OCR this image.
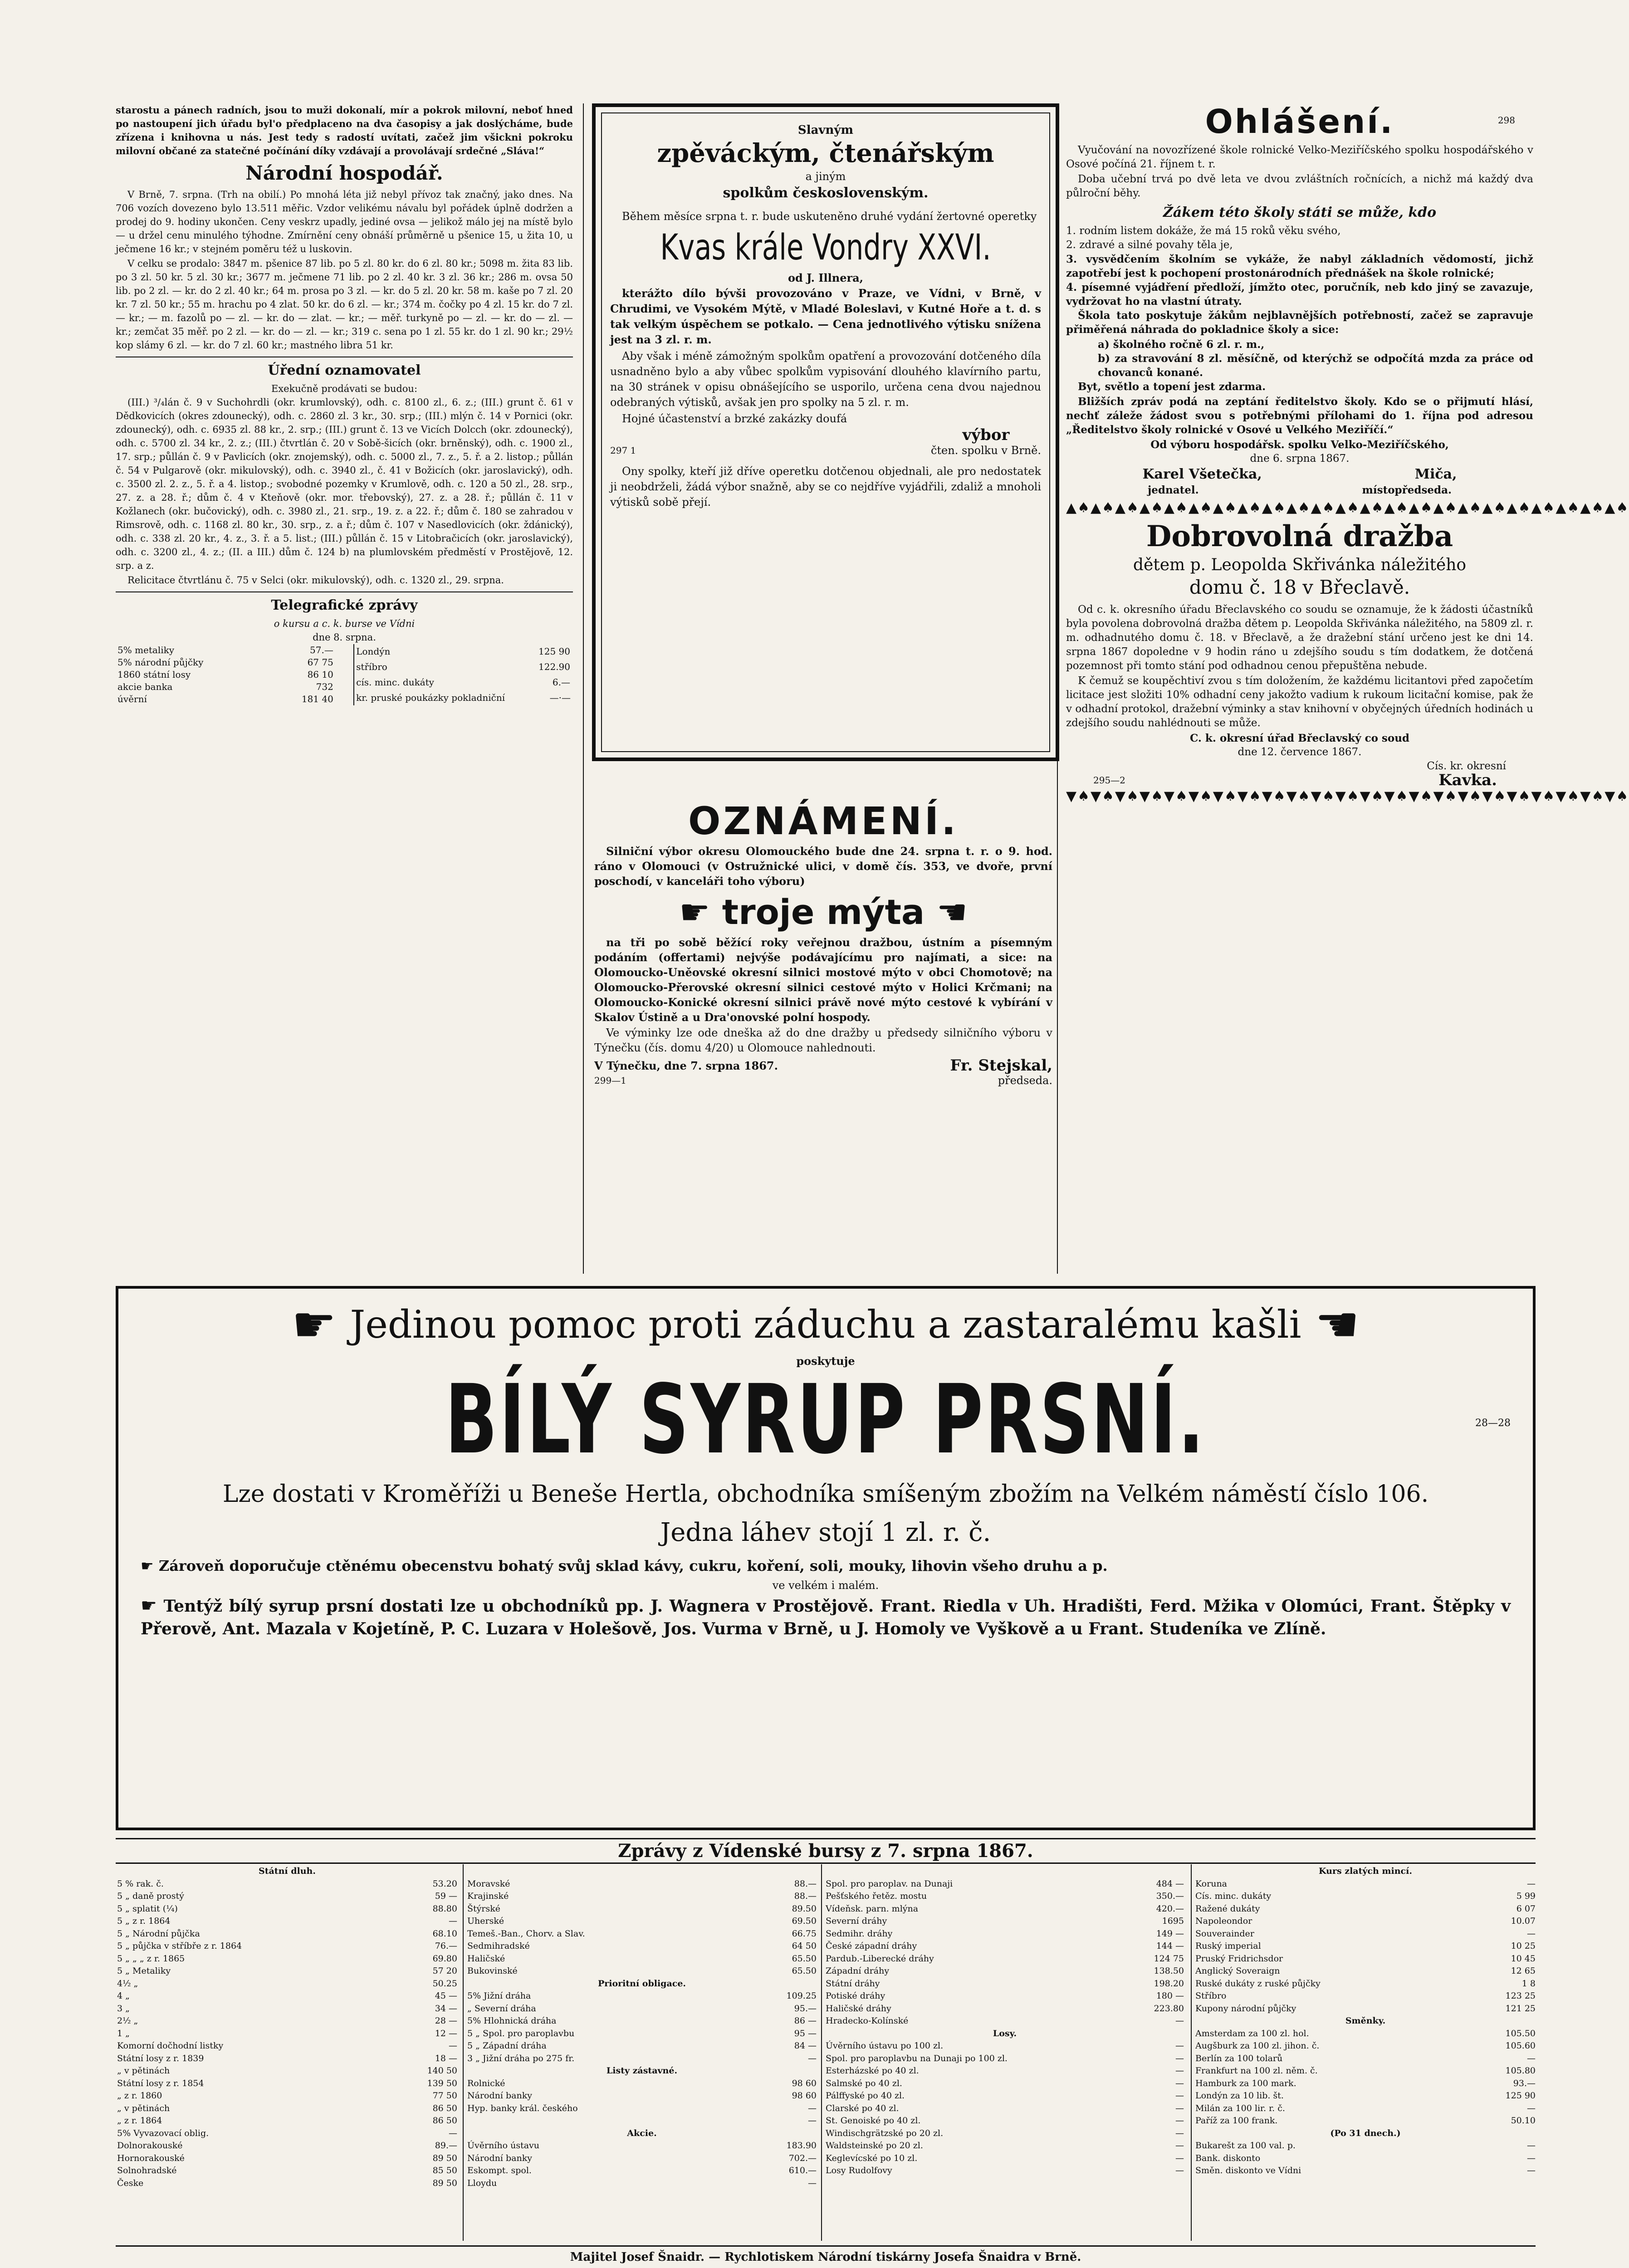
starostu a pánech radních, jsou to muži dokonalí, mír a pokrok milovní, neboť hned po nastoupení jich úřadu byl'o předplaceno na dva časopisy a jak doslýcháme, bude zřízena i knihovna u nás. Jest tedy s radostí uvítati, začež jim všickni pokroku milovní občané za statečné počínání díky vzdávají a provolávají srdečné „Sláva!“

Národní hospodář.

V Brně, 7. srpna. (Trh na obilí.) Po mnohá léta již nebyl přívoz tak značný, jako dnes. Na 706 vozích dovezeno bylo 13.511 měřic. Vzdor velikému návalu byl pořádek úplně dodržen a prodej do 9. hodiny ukončen. Ceny veskrz upadly, jediné ovsa — jelikož málo jej na místě bylo — u držel cenu minulého týhodne. Zmírnění ceny obnáší průměrně u pšenice 15, u žita 10, u ječmene 16 kr.; v stejném poměru též u luskovin.

V celku se prodalo: 3847 m. pšenice 87 lib. po 5 zl. 80 kr. do 6 zl. 80 kr.; 5098 m. žita 83 lib. po 3 zl. 50 kr. 5 zl. 30 kr.; 3677 m. ječmene 71 lib. po 2 zl. 40 kr. 3 zl. 36 kr.; 286 m. ovsa 50 lib. po 2 zl. — kr. do 2 zl. 40 kr.; 64 m. prosa po 3 zl. — kr. do 5 zl. 20 kr. 58 m. kaše po 7 zl. 20 kr. 7 zl. 50 kr.; 55 m. hrachu po 4 zlat. 50 kr. do 6 zl. — kr.; 374 m. čočky po 4 zl. 15 kr. do 7 zl. — kr.; — m. fazolů po — zl. — kr. do — zlat. — kr.; — měř. turkyně po — zl. — kr. do — zl. — kr.; zemčat 35 měř. po 2 zl. — kr. do — zl. — kr.; 319 c. sena po 1 zl. 55 kr. do 1 zl. 90 kr.; 29½ kop slámy 6 zl. — kr. do 7 zl. 60 kr.; mastného libra 51 kr.

Úřední oznamovatel
Exekučně prodávati se budou:

(III.) ³/₄lán č. 9 v Suchohrdli (okr. krumlovský), odh. c. 8100 zl., 6. z.; (III.) grunt č. 61 v Dědkovicích (okres zdounecký), odh. c. 2860 zl. 3 kr., 30. srp.; (III.) mlýn č. 14 v Pornici (okr. zdounecký), odh. c. 6935 zl. 88 kr., 2. srp.; (III.) grunt č. 13 ve Vicích Dolcch (okr. zdounecký), odh. c. 5700 zl. 34 kr., 2. z.; (III.) čtvrtlán č. 20 v Sobě-šicích (okr. brněnský), odh. c. 1900 zl., 17. srp.; půllán č. 9 v Pavlicích (okr. znojemský), odh. c. 5000 zl., 7. z., 5. ř. a 2. listop.; půllán č. 54 v Pulgarově (okr. mikulovský), odh. c. 3940 zl., č. 41 v Božicích (okr. jaroslavický), odh. c. 3500 zl. 2. z., 5. ř. a 4. listop.; svobodné pozemky v Krumlově, odh. c. 120 a 50 zl., 28. srp., 27. z. a 28. ř.; dům č. 4 v Kteňově (okr. mor. třebovský), 27. z. a 28. ř.; půllán č. 11 v Kožlanech (okr. bučovický), odh. c. 3980 zl., 21. srp., 19. z. a 22. ř.; dům č. 180 se zahradou v Rimsrově, odh. c. 1168 zl. 80 kr., 30. srp., z. a ř.; dům č. 107 v Nasedlovicích (okr. ždánický), odh. c. 338 zl. 20 kr., 4. z., 3. ř. a 5. list.; (III.) půllán č. 15 v Litobračicích (okr. jaroslavický), odh. c. 3200 zl., 4. z.; (II. a III.) dům č. 124 b) na plumlovském předměstí v Prostějově, 12. srp. a z.

Relicitace čtvrtlánu č. 75 v Selci (okr. mikulovský), odh. c. 1320 zl., 29. srpna.

Telegrafické zprávy
o kursu a c. k. burse ve Vídni
dne 8. srpna.
5% metaliky	57.—
5% národní půjčky	67 75
1860 státní losy	86 10
akcie banka	732
úvěrní	181 40
Londýn	125 90
stříbro	122.90
cís. minc. dukáty	6.—
kr. pruské poukázky pokladniční	—·—
Slavným
zpěváckým, čtenářským
a jiným
spolkům československým.

Během měsíce srpna t. r. bude uskuteněno druhé vydání žertovné operetky

Kvas krále Vondry XXVI.
od J. Illnera,

kterážto dílo bývši provozováno v Praze, ve Vídni, v Brně, v Chrudimi, ve Vysokém Mýtě, v Mladé Boleslavi, v Kutné Hoře a t. d. s tak velkým úspěchem se potkalo. — Cena jednotlivého výtisku snížena jest na 3 zl. r. m.

Aby však i méně zámožným spolkům opatření a provozování dotčeného díla usnadněno bylo a aby vůbec spolkům vypisování dlouhého klavírního partu, na 30 stránek v opisu obnášejícího se usporilo, určena cena dvou najednou odebraných výtisků, avšak jen pro spolky na 5 zl. r. m.

Hojné účastenství a brzké zakázky doufá

297 1
výbor
čten. spolku v Brně.

Ony spolky, kteří již dříve operetku dotčenou objednali, ale pro nedostatek ji neobdrželi, žádá výbor snažně, aby se co nejdříve vyjádřili, zdaliž a mnoholi výtisků sobě přejí.

OZNÁMENÍ.

Silniční výbor okresu Olomouckého bude dne 24. srpna t. r. o 9. hod. ráno v Olomouci (v Ostružnické ulici, v domě čís. 353, ve dvoře, první poschodí, v kanceláři toho výboru)

☛ troje mýta ☚

na tři po sobě běžící roky veřejnou dražbou, ústním a písemným podáním (offertami) nejvýše podávajícímu pro najímati, a sice: na Olomoucko-Uněovské okresní silnici mostové mýto v obci Chomotově; na Olomoucko-Přerovské okresní silnici cestové mýto v Holici Krčmani; na Olomoucko-Konické okresní silnici právě nové mýto cestové k vybírání v Skalov Ústině a u Dra'onovské polní hospody.

Ve výminky lze ode dneška až do dne dražby u předsedy silničního výboru v Týnečku (čís. domu 4/20) u Olomouce nahlednouti.

V Týnečku, dne 7. srpna 1867.	Fr. Stejskal,
299—1	předseda.
Ohlášení.	298

Vyučování na novozřízené škole rolnické Velko-Meziříčského spolku hospodářského v Osové počíná 21. říjnem t. r.

Doba učební trvá po dvě leta ve dvou zvláštních ročnících, a nichž má každý dva půlroční běhy.

Žákem této školy státi se může, kdo
1. rodním listem dokáže, že má 15 roků věku svého,
2. zdravé a silné povahy těla je,
3. vysvědčením školním se vykáže, že nabyl základních vědomostí, jichž zapotřebí jest k pochopení prostonárodních přednášek na škole rolnické;
4. písemné vyjádření předloží, jímžto otec, poručník, neb kdo jiný se zavazuje, vydržovat ho na vlastní útraty.

Škola tato poskytuje žákům nejblavnějších potřebností, začež se zapravuje přiměřená náhrada do pokladnice školy a sice:

a) školného ročně 6 zl. r. m.,
b) za stravování 8 zl. měsíčně, od kterýchž se odpočítá mzda za práce od chovanců konané.

Byt, světlo a topení jest zdarma.

Bližších zpráv podá na zeptání ředitelstvo školy. Kdo se o přijmutí hlásí, nechť záleže žádost svou s potřebnými přílohami do 1. října pod adresou „Ředitelstvo školy rolnické v Osové u Velkého Meziříčí.“

Od výboru hospodářsk. spolku Velko-Meziříčského,
dne 6. srpna 1867.
Karel Všetečka,	Miča,
jednatel.	místopředseda.
▲♠▲♠▲♠▲♠▲♠▲♠▲♠▲♠▲♠▲♠▲♠▲♠▲♠▲♠▲♠▲♠▲♠▲♠▲♠▲♠▲♠▲♠▲♠
Dobrovolná dražba
dětem p. Leopolda Skřivánka náležitého
domu č. 18 v Břeclavě.

Od c. k. okresního úřadu Břeclavského co soudu se oznamuje, že k žádosti účastníků byla povolena dobrovolná dražba dětem p. Leopolda Skřivánka náležitého, na 5809 zl. r. m. odhadnutého domu č. 18. v Břeclavě, a že dražební stání určeno jest ke dni 14. srpna 1867 dopoledne v 9 hodin ráno u zdejšího soudu s tím dodatkem, že dotčená pozemnost při tomto stání pod odhadnou cenou přepuštěna nebude.

K čemuž se koupěchtiví zvou s tím doložením, že každému licitantovi před započetím licitace jest složiti 10% odhadní ceny jakožto vadium k rukoum licitační komise, pak že v odhadní protokol, dražební výminky a stav knihovní v obyčejných úředních hodinách u zdejšího soudu nahlédnouti se může.

C. k. okresní úřad Břeclavský co soud
dne 12. července 1867.
Cís. kr. okresní
295—2	Kavka.
▼♠▼♠▼♠▼♠▼♠▼♠▼♠▼♠▼♠▼♠▼♠▼♠▼♠▼♠▼♠▼♠▼♠▼♠▼♠▼♠▼♠▼♠▼♠
☛ Jedinou pomoc proti záduchu a zastaralému kašli ☚
poskytuje
BÍLÝ SYRUP PRSNÍ.	28—28
Lze dostati v Kroměříži u Beneše Hertla, obchodníka smíšeným zbožím na Velkém náměstí číslo 106.
Jedna láhev stojí 1 zl. r. č.
☛ Zároveň doporučuje ctěnému obecenstvu bohatý svůj sklad kávy, cukru, koření, soli, mouky, lihovin všeho druhu a p.
ve velkém i malém.
☛ Tentýž bílý syrup prsní dostati lze u obchodníků pp. J. Wagnera v Prostějově. Frant. Riedla v Uh. Hradišti, Ferd. Mžika v Olomúci, Frant. Štěpky v Přerově, Ant. Mazala v Kojetíně, P. C. Luzara v Holešově, Jos. Vurma v Brně, u J. Homoly ve Vyškově a u Frant. Studeníka ve Zlíně.
Zprávy z Vídenské bursy z 7. srpna 1867.
Státní dluh.
5 % rak. č.	53.20
5 „ daně prostý	59 —
5 „ splatit (¼)	88.80
5 „ z r. 1864	—
5 „ Národní půjčka	68.10
5 „ půjčka v stříbře z r. 1864	76.—
5 „ „ „ z r. 1865	69.80
5 „ Metaliky	57 20
4½ „	50.25
4 „	45 —
3 „	34 —
2½ „	28 —
1 „	12 —
Komorní dočhodní listky	—
Státní losy z r. 1839	18 —
„ v pětinách	140 50
Státní losy z r. 1854	139 50
„ z r. 1860	77 50
„ v pětinách	86 50
„ z r. 1864	86 50
5% Vyvazovací oblig.	—
Dolnorakouské	89.—
Hornorakouské	89 50
Solnohradské	85 50
Česke	89 50
Moravské	88.—
Krajinské	88.—
Štýrské	89.50
Uherské	69.50
Temeš.-Ban., Chorv. a Slav.	66.75
Sedmihradské	64 50
Haličské	65.50
Bukovinské	65.50
Prioritní obligace.
5% Jižní dráha	109.25
„ Severní dráha	95.—
5% Hlohnická dráha	86 —
5 „ Spol. pro paroplavbu	95 —
5 „ Západní dráha	84 —
3 „ Jižní dráha po 275 fr.	—
Listy zástavné.
Rolnické	98 60
Národní banky	98 60
Hyp. banky král. českého	—
—
Akcie.
Úvěrního ústavu	183.90
Národní banky	702.—
Eskompt. spol.	610.—
Lloydu	—
Spol. pro paroplav. na Dunaji	484 —
Pešťského řetěz. mostu	350.—
Vídeňsk. parn. mlýna	420.—
Severní dráhy	1695
Sedmihr. dráhy	149 —
České západní dráhy	144 —
Pardub.-Liberecké dráhy	124 75
Západní dráhy	138.50
Státní dráhy	198.20
Potiské dráhy	180 —
Haličské dráhy	223.80
Hradecko-Kolínské	—
Losy.
Úvěrního ústavu po 100 zl.	—
Spol. pro paroplavbu na Dunaji po 100 zl.	—
Esterházské po 40 zl.	—
Salmské po 40 zl.	—
Pálffyské po 40 zl.	—
Clarské po 40 zl.	—
St. Genoiské po 40 zl.	—
Windischgrätzské po 20 zl.	—
Waldsteinské po 20 zl.	—
Keglevícské po 10 zl.	—
Losy Rudolfovy	—
Kurs zlatých mincí.
Koruna	—
Cís. minc. dukáty	5 99
Ražené dukáty	6 07
Napoleondor	10.07
Souverainder	—
Ruský imperial	10 25
Pruský Fridrichsdor	10 45
Anglický Soveraign	12 65
Ruské dukáty z ruské půjčky	1 8
Stříbro	123 25
Kupony národní půjčky	121 25
Směnky.
Amsterdam za 100 zl. hol.	105.50
Augšburk za 100 zl. jihon. č.	105.60
Berlín za 100 tolarů	—
Frankfurt na 100 zl. něm. č.	105.80
Hamburk za 100 mark.	93.—
Londýn za 10 lib. št.	125 90
Milán za 100 lir. r. č.	—
Paříž za 100 frank.	50.10
(Po 31 dnech.)
Bukarešt za 100 val. p.	—
Bank. diskonto	—
Směn. diskonto ve Vídni	—
Majitel Josef Šnaidr. — Rychlotiskem Národní tiskárny Josefa Šnaidra v Brně.
